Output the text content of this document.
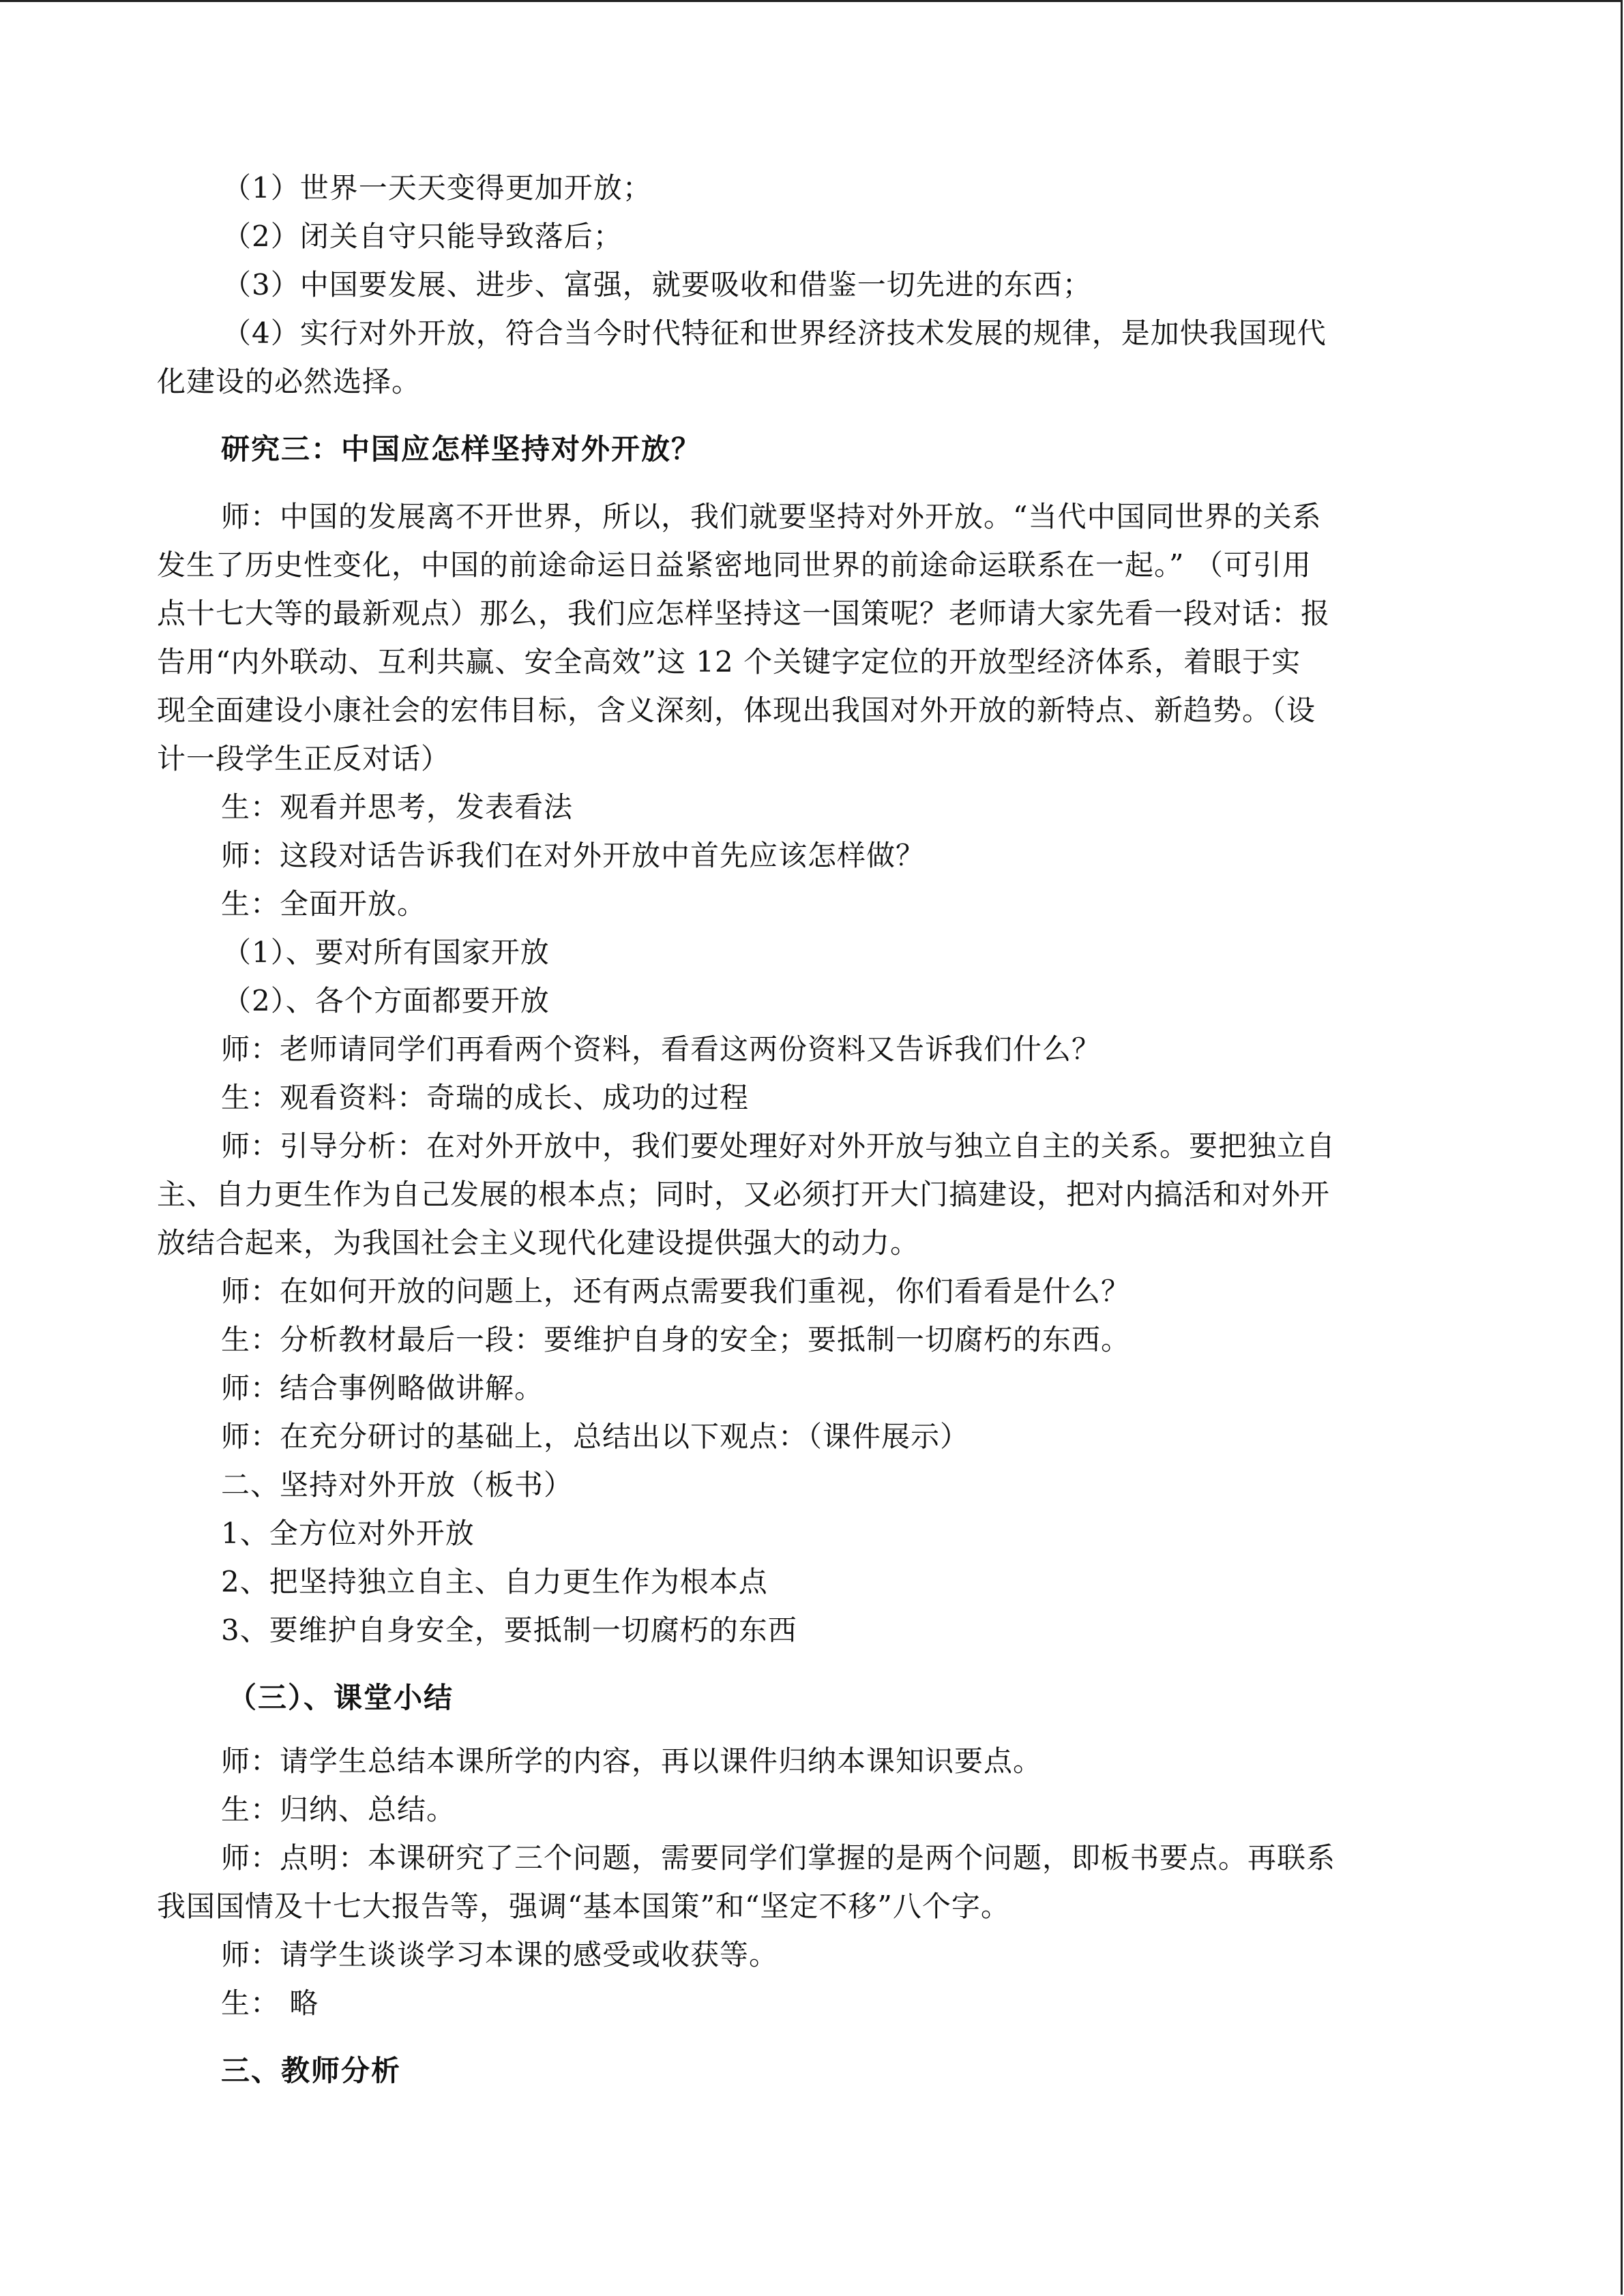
（1）世界一天天变得更加开放；
（2）闭关自守只能导致落后；
（3）中国要发展、进步、富强，就要吸收和借鉴一切先进的东西；
（4）实行对外开放，符合当今时代特征和世界经济技术发展的规律，是加快我国现代
化建设的必然选择。
研究三：中国应怎样坚持对外开放？
师：中国的发展离不开世界，所以，我们就要坚持对外开放。“当代中国同世界的关系
发生了历史性变化，中国的前途命运日益紧密地同世界的前途命运联系在一起。” （可引用
点十七大等的最新观点）那么，我们应怎样坚持这一国策呢？老师请大家先看一段对话：报
告用“内外联动、互利共赢、安全高效”这 12 个关键字定位的开放型经济体系，着眼于实
现全面建设小康社会的宏伟目标，含义深刻，体现出我国对外开放的新特点、新趋势。（设
计一段学生正反对话）
生：观看并思考，发表看法
师：这段对话告诉我们在对外开放中首先应该怎样做？
生：全面开放。
（1）、要对所有国家开放
（2）、各个方面都要开放
师：老师请同学们再看两个资料，看看这两份资料又告诉我们什么？
生：观看资料：奇瑞的成长、成功的过程
师：引导分析：在对外开放中，我们要处理好对外开放与独立自主的关系。要把独立自
主、自力更生作为自己发展的根本点；同时，又必须打开大门搞建设，把对内搞活和对外开
放结合起来，为我国社会主义现代化建设提供强大的动力。
师：在如何开放的问题上，还有两点需要我们重视，你们看看是什么？
生：分析教材最后一段：要维护自身的安全；要抵制一切腐朽的东西。
师：结合事例略做讲解。
师：在充分研讨的基础上，总结出以下观点：（课件展示）
二、坚持对外开放（板书）
1、全方位对外开放
2、把坚持独立自主、自力更生作为根本点
3、要维护自身安全，要抵制一切腐朽的东西
（三）、课堂小结
师：请学生总结本课所学的内容，再以课件归纳本课知识要点。
生：归纳、总结。
师：点明：本课研究了三个问题，需要同学们掌握的是两个问题，即板书要点。再联系
我国国情及十七大报告等，强调“基本国策”和“坚定不移”八个字。
师：请学生谈谈学习本课的感受或收获等。
生： 略
三、教师分析
